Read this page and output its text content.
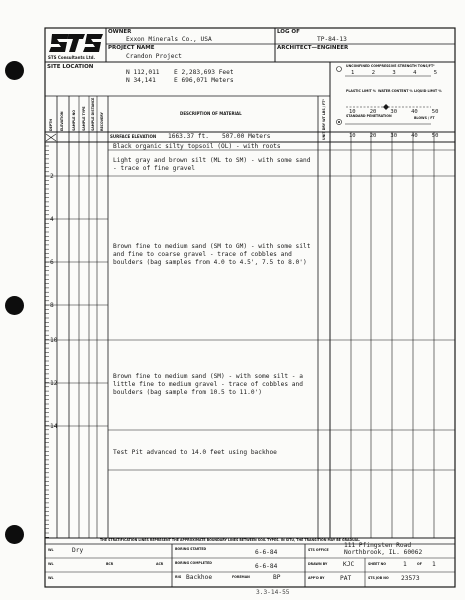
STS Consultants Ltd.
OWNER
Exxon Minerals Co., USA
LOG OF
TP-84-13
PROJECT NAME
Crandon Project
ARCHITECT—ENGINEER
SITE LOCATION
N 112,011 E 2,283,693 Feet
N 34,141	E 696,071 Meters
DEPTH ELEVATION	SAMPLE NO SAMPLE TYPE SAMPLE DISTANCE RECOVERY	UNIT DRY WT LBS / FT³
DESCRIPTION OF MATERIAL
SURFACE ELEVATION 1663.37 ft. 507.00 Meters
UNCONFINED COMPRESSIVE STRENGTH TONS/FT²
1	2	3	4	5
PLASTIC LIMIT % WATER CONTENT % LIQUID LIMIT %
10	20	30	40	50
STANDARD PENETRATION	BLOWS / FT
10	20	30	40	50
2
4
6
8
10
12
14
Black organic silty topsoil (OL) - with roots
Light gray and brown silt (ML to SM) - with some sand - trace of fine gravel
Brown fine to medium sand (SM to GM) - with some silt and fine to coarse gravel - trace of cobbles and boulders (bag samples from 4.0 to 4.5', 7.5 to 8.0')
Brown fine to medium sand (SM) - with some silt - a little fine to medium gravel - trace of cobbles and boulders (bag sample from 10.5 to 11.0')
Test Pit advanced to 14.0 feet using backhoe
THE STRATIFICATION LINES REPRESENT THE APPROXIMATE BOUNDARY LINES BETWEEN SOIL TYPES. IN SITU, THE TRANSITION MAY BE GRADUAL.
WL	Dry
WL	BCR	ACR
WL
BORING STARTED	6-6-84
BORING COMPLETED	6-6-84
RIG Backhoe	FOREMAN	BP
STS OFFICE
111 Pfingsten Road
Northbrook, IL. 60062
DRAWN BY	KJC	SHEET NO	1	OF 1
APP'D BY	PAT	STS JOB NO 23573
3.3-14-55
